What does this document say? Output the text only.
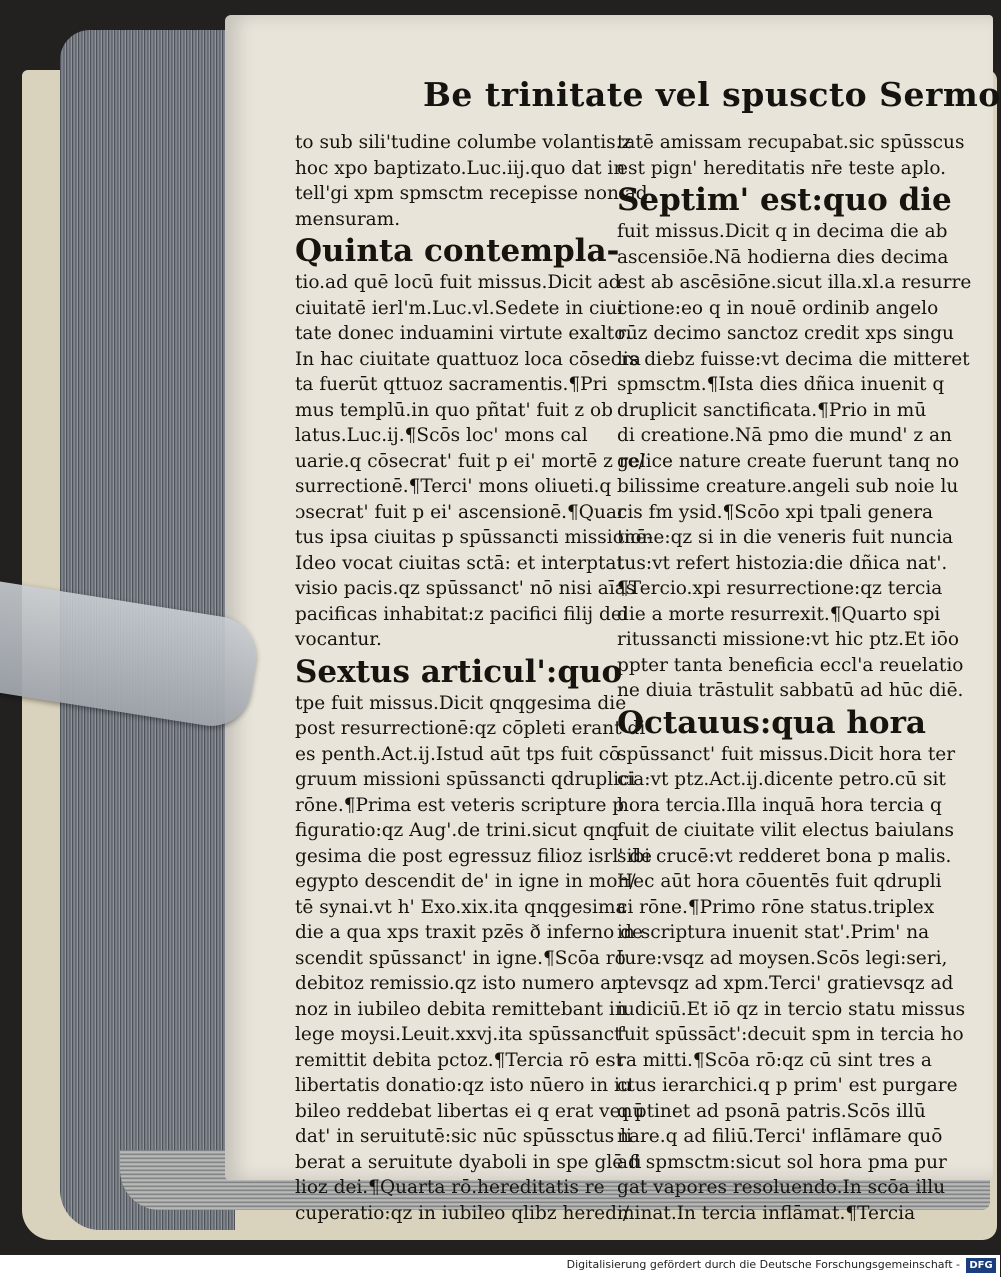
Be trinitate vel spuscto Sermo
to sub sili'tudine columbe volantis.z
hoc xpo baptizato.Luc.iij.quo dat in
tell'gi xpm spmsctm recepisse non ad
mensuram.
Quinta contempla-
tio.ad quē locū fuit missus.Dicit ad
ciuitatē ierl'm.Luc.vl.Sedete in ciui
tate donec induamini virtute exalto.
In hac ciuitate quattuoz loca cōsecra
ta fuerūt qttuoz sacramentis.¶Pri
mus templū.in quo pñtat' fuit z ob
latus.Luc.ij.¶Scōs loc' mons cal
uarie.q cōsecrat' fuit p ei' mortē z re/
surrectionē.¶Terci' mons oliueti.q
ɔsecrat' fuit p ei' ascensionē.¶Quar
tus ipsa ciuitas p spūssancti missionē-
Ideo vocat ciuitas sctā: et interptat
visio pacis.qz spūssanct' nō nisi aīas
pacificas inhabitat:z pacifici filij dei
vocantur.
Sextus articul':quo
tpe fuit missus.Dicit qnqgesima die
post resurrectionē:qz cōpleti erant di
es penth.Act.ij.Istud aūt tps fuit cō
gruum missioni spūssancti qdruplici
rōne.¶Prima est veteris scripture p
figuratio:qz Aug'.de trini.sicut qnq.
gesima die post egressuz filioz isrl' de
egypto descendit de' in igne in mon/
tē synai.vt h' Exo.xix.ita qnqgesima
die a qua xps traxit pzēs ð inferno de
scendit spūssanct' in igne.¶Scōa rō
debitoz remissio.qz isto numero an
noz in iubileo debita remittebant in
lege moysi.Leuit.xxvj.ita spūssanct'
remittit debita pctoz.¶Tercia rō est
libertatis donatio:qz isto nūero in iu
bileo reddebat libertas ei q erat venū
dat' in seruitutē:sic nūc spūssctus li
berat a seruitute dyaboli in spe glē fi
lioz dei.¶Quarta rō.hereditatis re
cuperatio:qz in iubileo qlibz heredi/
tatē amissam recupabat.sic spūsscus
est pign' hereditatis nr̄e teste aplo.
Septim' est:quo die
fuit missus.Dicit q in decima die ab
ascensiōe.Nā hodierna dies decima
est ab ascēsiōne.sicut illa.xl.a resurre
ctione:eo q in nouē ordinib angelo
rūz decimo sanctoz credit xps singu
lis diebz fuisse:vt decima die mitteret
spmsctm.¶Ista dies dñica inuenit q
druplicit sanctificata.¶Prio in mū
di creatione.Nā pmo die mund' z an
gelice nature create fuerunt tanq no
bilissime creature.angeli sub noie lu
cis fm ysid.¶Scōo xpi tpali genera
tione:qz si in die veneris fuit nuncia
tus:vt refert histozia:die dñica nat'.
¶Tercio.xpi resurrectione:qz tercia
die a morte resurrexit.¶Quarto spi
ritussancti missione:vt hic ptz.Et iōo
ppter tanta beneficia eccl'a reuelatio
ne diuia trāstulit sabbatū ad hūc diē.
Octauus:qua hora
spūssanct' fuit missus.Dicit hora ter
cia:vt ptz.Act.ij.dicente petro.cū sit
hora tercia.Illa inquā hora tercia q
fuit de ciuitate vilit electus baiulans
sibi crucē:vt redderet bona p malis.
Hec aūt hora cōuentēs fuit qdrupli
ci rōne.¶Primo rōne status.triplex
in scriptura inuenit stat'.Prim' na
ture:vsqz ad moysen.Scōs legi:seri,
ptevsqz ad xpm.Terci' gratievsqz ad
iudiciū.Et iō qz in tercio statu missus
fuit spūssāct':decuit spm in tercia ho
ra mitti.¶Scōa rō:qz cū sint tres a
ctus ierarchici.q p prim' est purgare
q ptinet ad psonā patris.Scōs illū
nare.q ad filiū.Terci' inflāmare quō
ad spmsctm:sicut sol hora pma pur
gat vapores resoluendo.In scōa illu
minat.In tercia inflāmat.¶Tercia
Digitalisierung gefördert durch die Deutsche Forschungsgemeinschaft - DFG
